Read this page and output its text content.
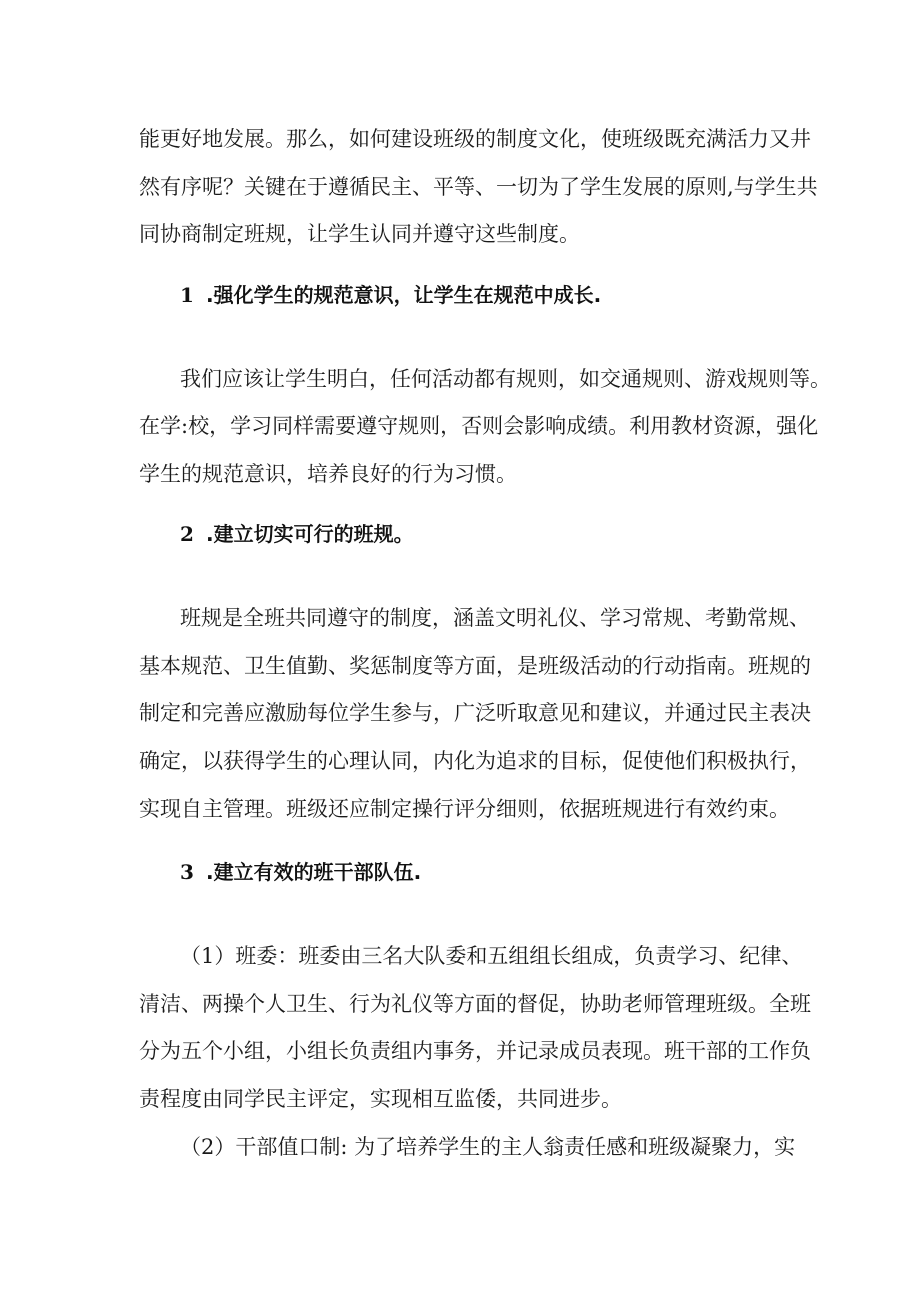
能更好地发展。那么，如何建设班级的制度文化，使班级既充满活力又井

然有序呢？关键在于遵循民主、平等、一切为了学生发展的原则,与学生共

同协商制定班规，让学生认同并遵守这些制度。

1 .强化学生的规范意识，让学生在规范中成长.

我们应该让学生明白，任何活动都有规则，如交通规则、游戏规则等。

在学:校，学习同样需要遵守规则，否则会影响成绩。利用教材资源，强化

学生的规范意识，培养良好的行为习惯。

2 .建立切实可行的班规。

班规是全班共同遵守的制度，涵盖文明礼仪、学习常规、考勤常规、

基本规范、卫生值勤、奖惩制度等方面，是班级活动的行动指南。班规的

制定和完善应激励每位学生参与，广泛听取意见和建议，并通过民主表决

确定，以获得学生的心理认同，内化为追求的目标，促使他们积极执行，

实现自主管理。班级还应制定操行评分细则，依据班规进行有效约束。

3 .建立有效的班干部队伍.

（1）班委：班委由三名大队委和五组组长组成，负责学习、纪律、

清洁、两操个人卫生、行为礼仪等方面的督促，协助老师管理班级。全班

分为五个小组，小组长负责组内事务，并记录成员表现。班干部的工作负

责程度由同学民主评定，实现相互监倭，共同进步。

（2）干部值口制: 为了培养学生的主人翁责任感和班级凝聚力，实
